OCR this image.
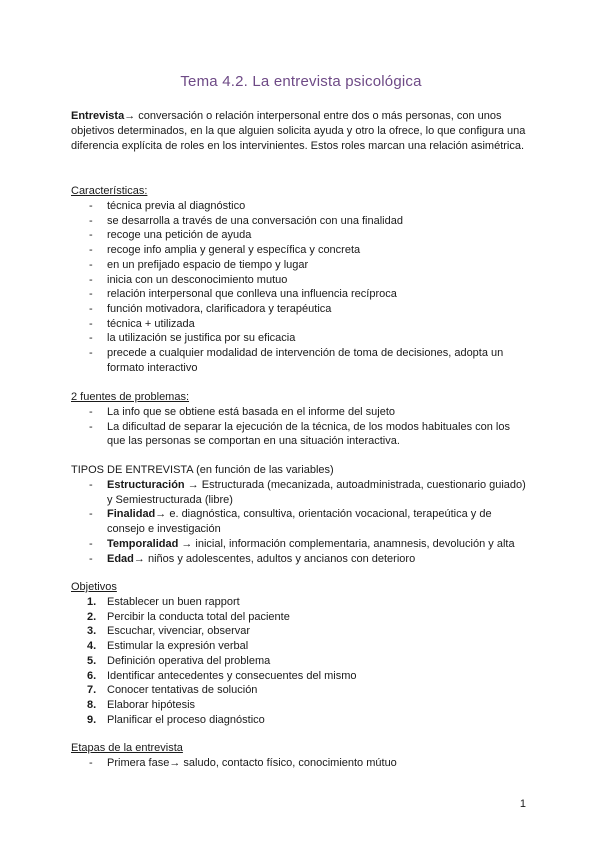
Tema 4.2. La entrevista psicológica

Entrevista→ conversación o relación interpersonal entre dos o más personas, con unos objetivos determinados, en la que alguien solicita ayuda y otro la ofrece, lo que configura una diferencia explícita de roles en los intervinientes. Estos roles marcan una relación asimétrica.

Características:

- técnica previa al diagnóstico
- se desarrolla a través de una conversación con una finalidad
- recoge una petición de ayuda
- recoge info amplia y general y específica y concreta
- en un prefijado espacio de tiempo y lugar
- inicia con un desconocimiento mutuo
- relación interpersonal que conlleva una influencia recíproca
- función motivadora, clarificadora y terapéutica
- técnica + utilizada
- la utilización se justifica por su eficacia
- precede a cualquier modalidad de intervención de toma de decisiones, adopta un formato interactivo

2 fuentes de problemas:

- La info que se obtiene está basada en el informe del sujeto
- La dificultad de separar la ejecución de la técnica, de los modos habituales con los que las personas se comportan en una situación interactiva.

TIPOS DE ENTREVISTA (en función de las variables)

- Estructuración → Estructurada (mecanizada, autoadministrada, cuestionario guiado) y Semiestructurada (libre)
- Finalidad→ e. diagnóstica, consultiva, orientación vocacional, terapeútica y de consejo e investigación
- Temporalidad → inicial, información complementaria, anamnesis, devolución y alta
- Edad→ niños y adolescentes, adultos y ancianos con deterioro

Objetivos

1. Establecer un buen rapport
2. Percibir la conducta total del paciente
3. Escuchar, vivenciar, observar
4. Estimular la expresión verbal
5. Definición operativa del problema
6. Identificar antecedentes y consecuentes del mismo
7. Conocer tentativas de solución
8. Elaborar hipótesis
9. Planificar el proceso diagnóstico

Etapas de la entrevista

- Primera fase→ saludo, contacto físico, conocimiento mútuo
1
